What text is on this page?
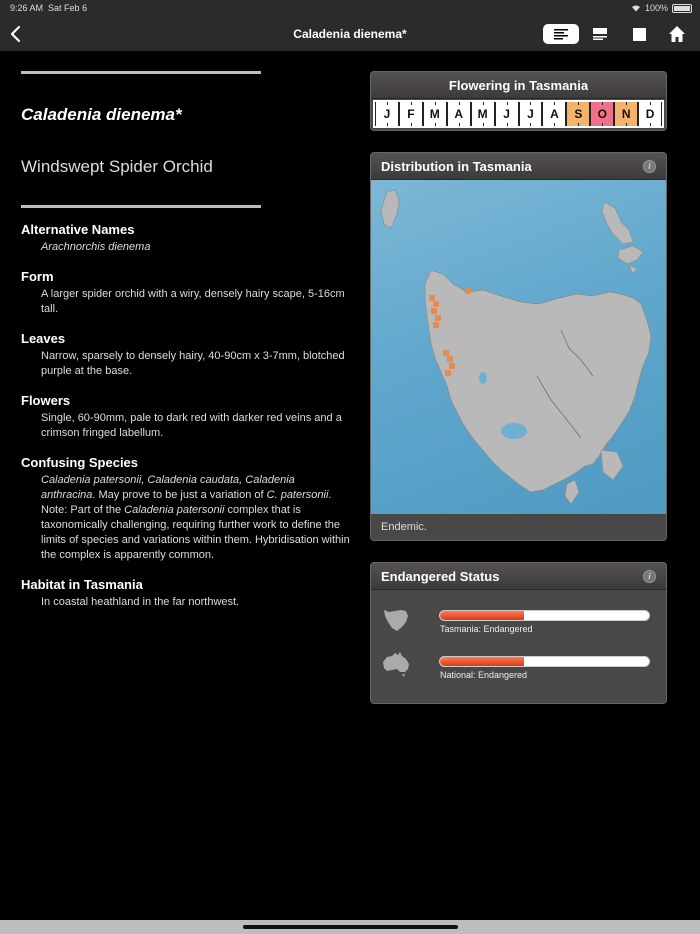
9:26 AM Sat Feb 6	100%
Caladenia dienema*
Caladenia dienema*
Windswept Spider Orchid
Alternative Names

Arachnorchis dienema

Form

A larger spider orchid with a wiry, densely hairy scape, 5-16cm tall.

Leaves

Narrow, sparsely to densely hairy, 40-90cm x 3-7mm, blotched purple at the base.

Flowers

Single, 60-90mm, pale to dark red with darker red veins and a crimson fringed labellum.

Confusing Species

Caladenia patersonii, Caladenia caudata, Caladenia anthracina. May prove to be just a variation of C. patersonii. Note: Part of the Caladenia patersonii complex that is taxonomically challenging, requiring further work to define the limits of species and variations within them. Hybridisation within the complex is apparently common.

Habitat in Tasmania

In coastal heathland in the far northwest.

Flowering in Tasmania
J	F	M	A	M	J	J	A	S	O	N	D
Distribution in Tasmania	i
Endemic.
Endangered Status	i
Tasmania: Endangered
National: Endangered
